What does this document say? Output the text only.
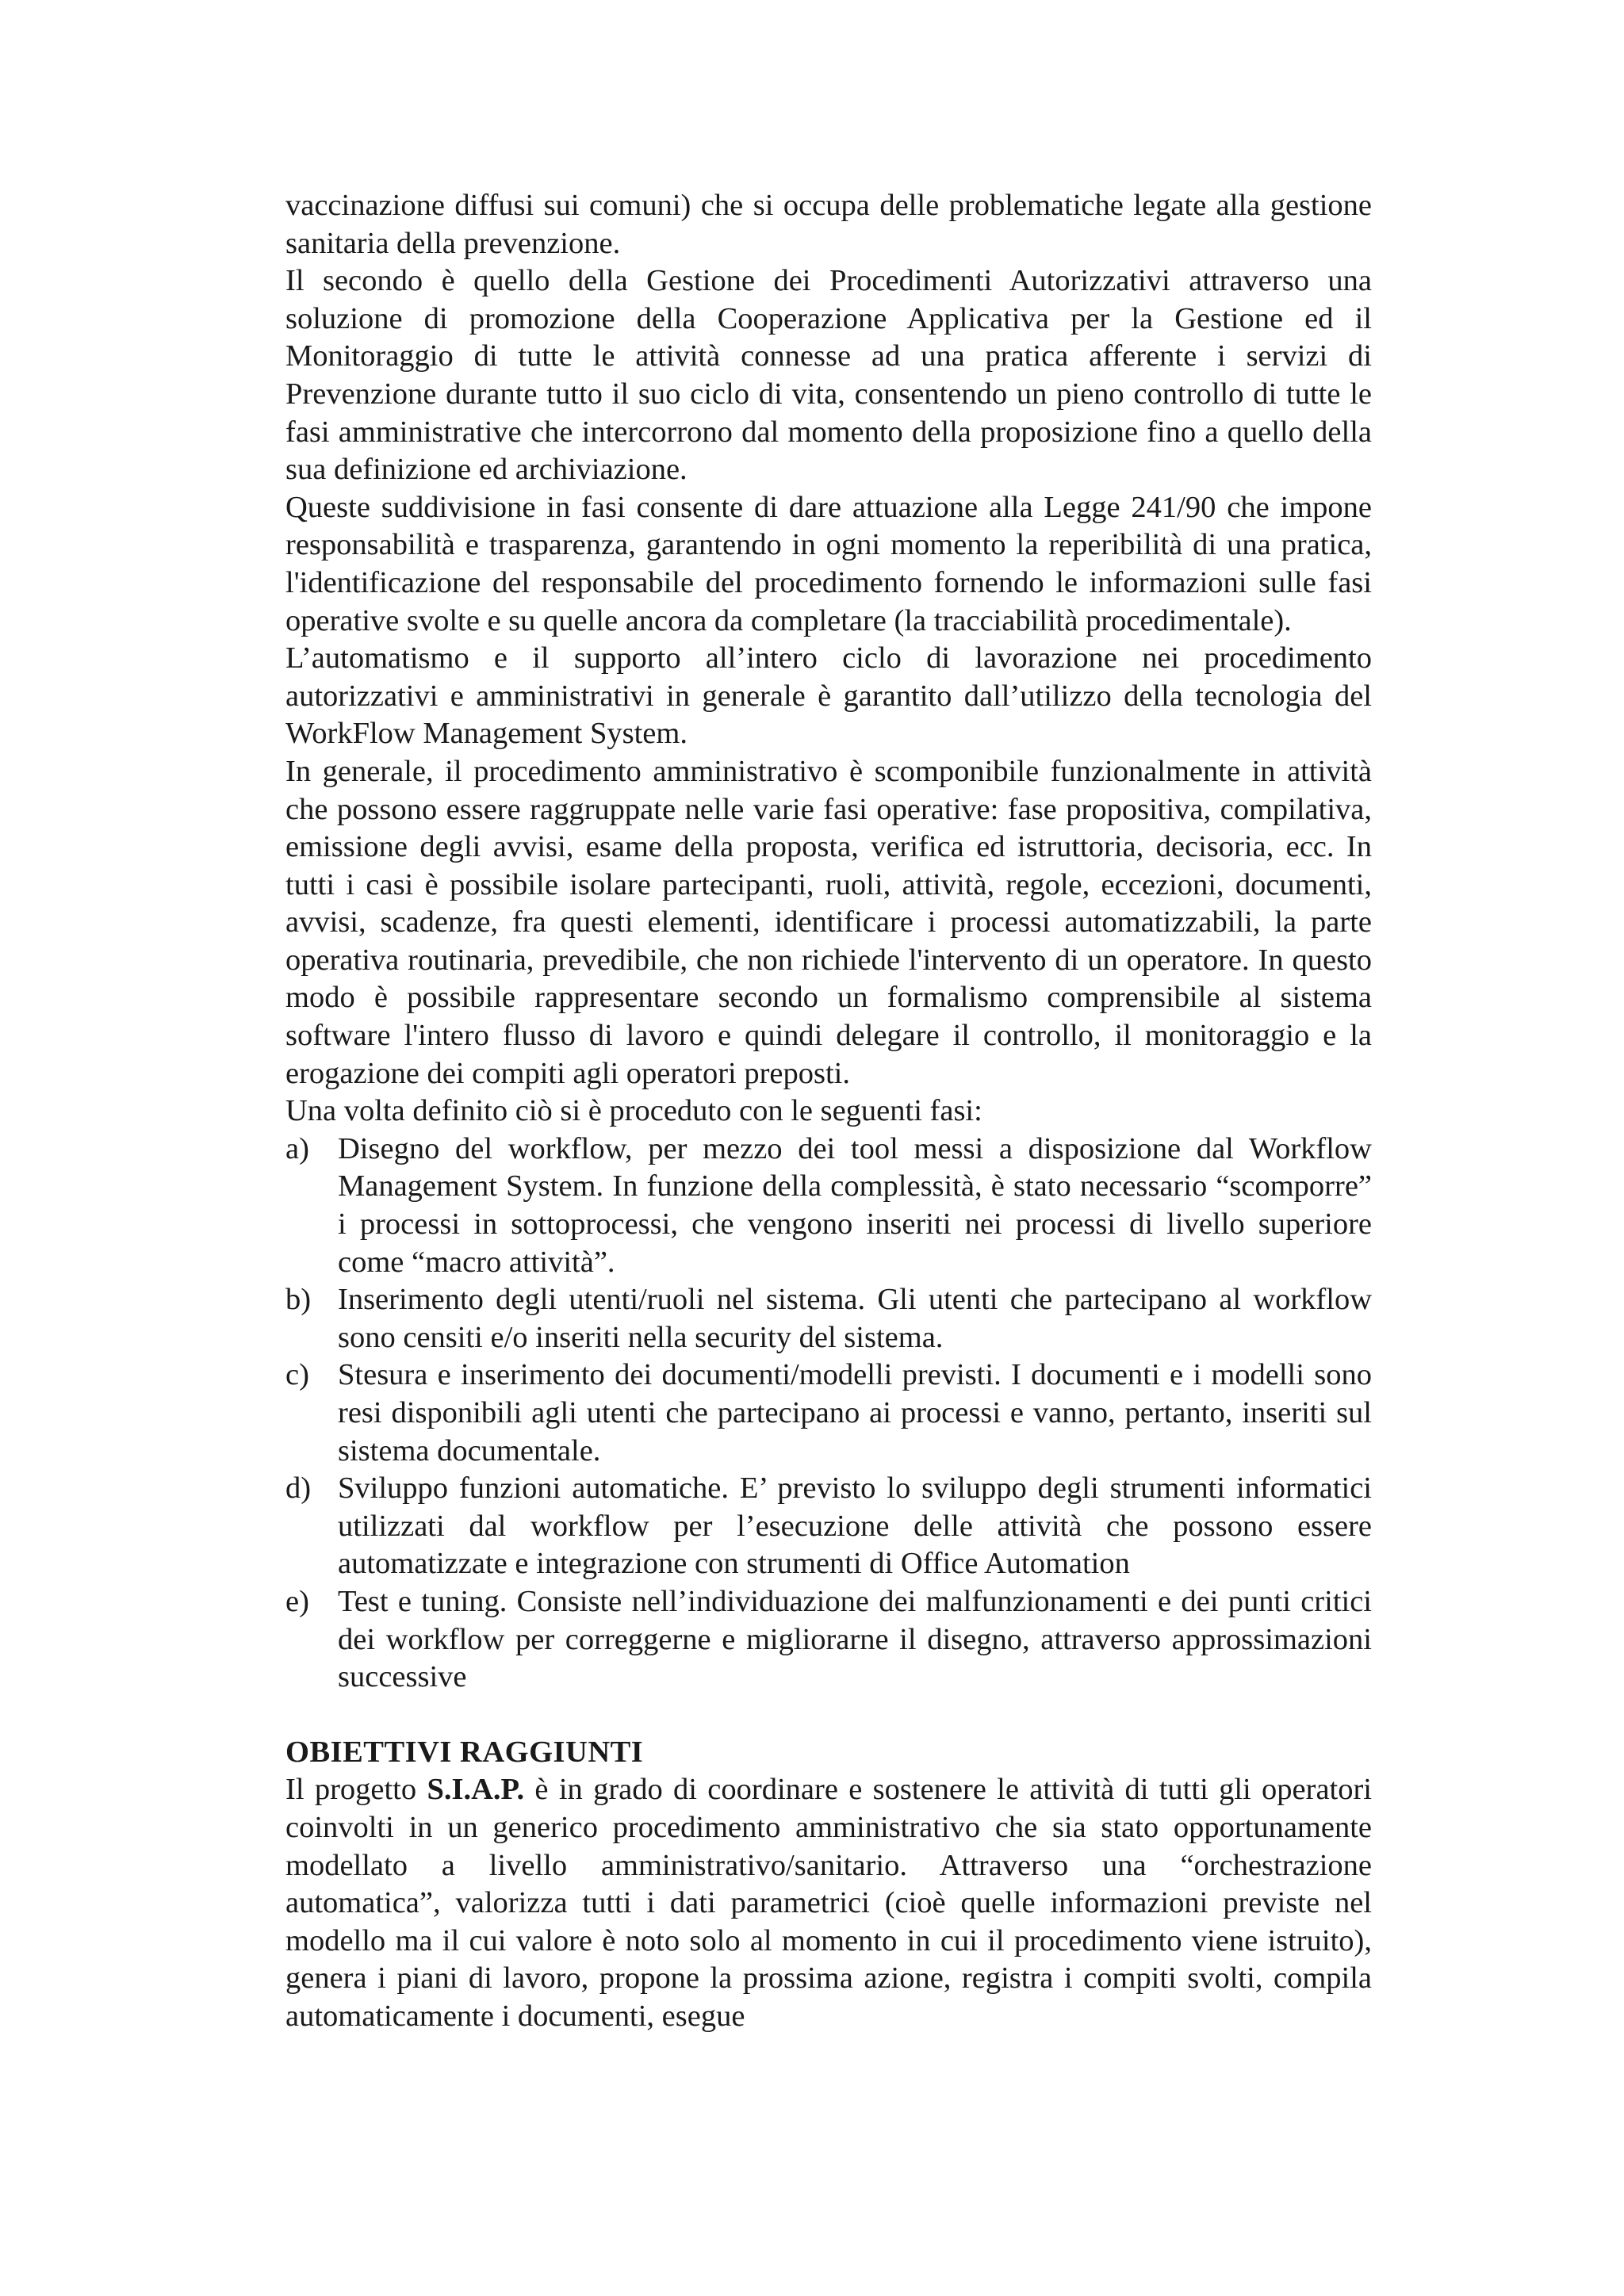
vaccinazione diffusi sui comuni) che si occupa delle problematiche legate alla gestione sanitaria della prevenzione.

Il secondo è quello della Gestione dei Procedimenti Autorizzativi attraverso una soluzione di promozione della Cooperazione Applicativa per la Gestione ed il Monitoraggio di tutte le attività connesse ad una pratica afferente i servizi di Prevenzione durante tutto il suo ciclo di vita, consentendo un pieno controllo di tutte le fasi amministrative che intercorrono dal momento della proposizione fino a quello della sua definizione ed archiviazione.

Queste suddivisione in fasi consente di dare attuazione alla Legge 241/90 che impone responsabilità e trasparenza, garantendo in ogni momento la reperibilità di una pratica, l'identificazione del responsabile del procedimento fornendo le informazioni sulle fasi operative svolte e su quelle ancora da completare (la tracciabilità procedimentale).

L’automatismo e il supporto all’intero ciclo di lavorazione nei procedimento autorizzativi e amministrativi in generale è garantito dall’utilizzo della tecnologia del WorkFlow Management System.

In generale, il procedimento amministrativo è scomponibile funzionalmente in attività che possono essere raggruppate nelle varie fasi operative: fase propositiva, compilativa, emissione degli avvisi, esame della proposta, verifica ed istruttoria, decisoria, ecc. In tutti i casi è possibile isolare partecipanti, ruoli, attività, regole, eccezioni, documenti, avvisi, scadenze, fra questi elementi, identificare i processi automatizzabili, la parte operativa routinaria, prevedibile, che non richiede l'intervento di un operatore. In questo modo è possibile rappresentare secondo un formalismo comprensibile al sistema software l'intero flusso di lavoro e quindi delegare il controllo, il monitoraggio e la erogazione dei compiti agli operatori preposti.

Una volta definito ciò si è proceduto con le seguenti fasi:

a) Disegno del workflow, per mezzo dei tool messi a disposizione dal Workflow Management System. In funzione della complessità, è stato necessario “scomporre” i processi in sottoprocessi, che vengono inseriti nei processi di livello superiore come “macro attività”.
b) Inserimento degli utenti/ruoli nel sistema. Gli utenti che partecipano al workflow sono censiti e/o inseriti nella security del sistema.
c) Stesura e inserimento dei documenti/modelli previsti. I documenti e i modelli sono resi disponibili agli utenti che partecipano ai processi e vanno, pertanto, inseriti sul sistema documentale.
d) Sviluppo funzioni automatiche. E’ previsto lo sviluppo degli strumenti informatici utilizzati dal workflow per l’esecuzione delle attività che possono essere automatizzate e integrazione con strumenti di Office Automation
e) Test e tuning. Consiste nell’individuazione dei malfunzionamenti e dei punti critici dei workflow per correggerne e migliorarne il disegno, attraverso approssimazioni successive

OBIETTIVI RAGGIUNTI

Il progetto S.I.A.P. è in grado di coordinare e sostenere le attività di tutti gli operatori coinvolti in un generico procedimento amministrativo che sia stato opportunamente modellato a livello amministrativo/sanitario. Attraverso una “orchestrazione automatica”, valorizza tutti i dati parametrici (cioè quelle informazioni previste nel modello ma il cui valore è noto solo al momento in cui il procedimento viene istruito), genera i piani di lavoro, propone la prossima azione, registra i compiti svolti, compila automaticamente i documenti, esegue
